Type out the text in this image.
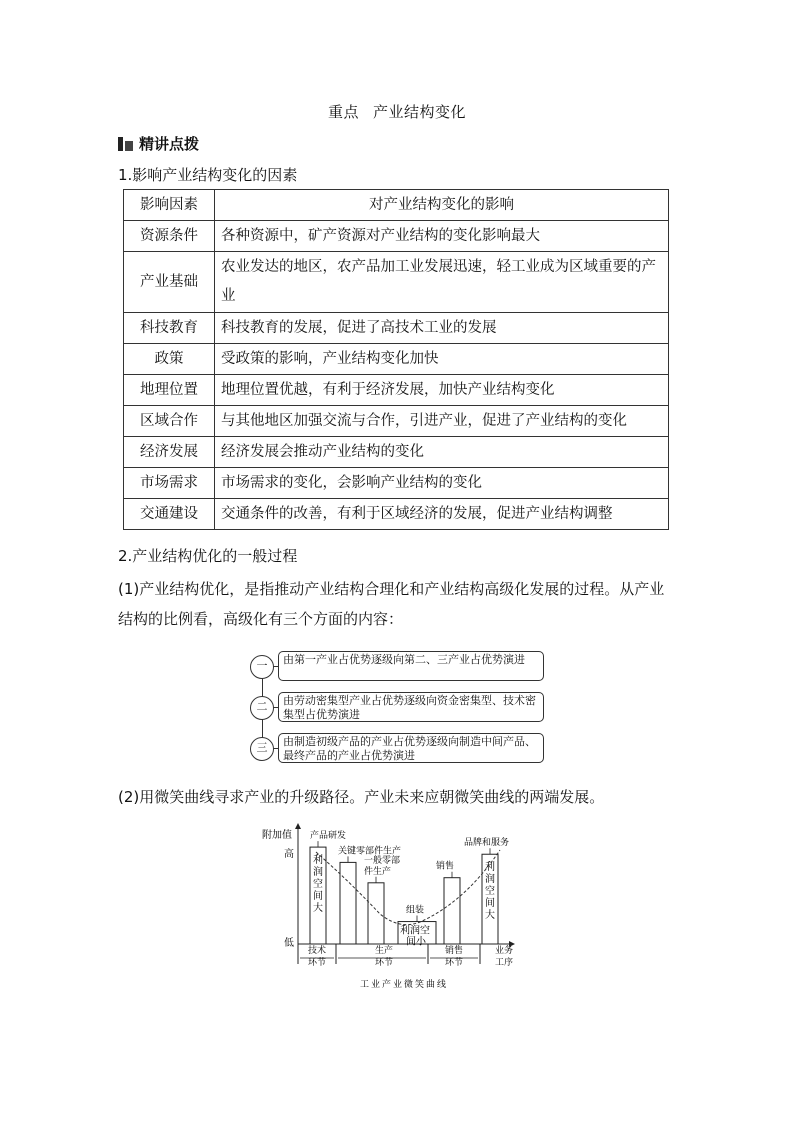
重点 产业结构变化
精讲点拨
1.影响产业结构变化的因素
影响因素	对产业结构变化的影响
资源条件	各种资源中，矿产资源对产业结构的变化影响最大
产业基础	农业发达的地区，农产品加工业发展迅速，轻工业成为区域重要的产业
科技教育	科技教育的发展，促进了高技术工业的发展
政策	受政策的影响，产业结构变化加快
地理位置	地理位置优越，有利于经济发展，加快产业结构变化
区域合作	与其他地区加强交流与合作，引进产业，促进了产业结构的变化
经济发展	经济发展会推动产业结构的变化
市场需求	市场需求的变化，会影响产业结构的变化
交通建设	交通条件的改善，有利于区域经济的发展，促进产业结构调整
2.产业结构优化的一般过程
(1)产业结构优化，是指推动产业结构合理化和产业结构高级化发展的过程。从产业结构的比例看，高级化有三个方面的内容：
一	由第一产业占优势逐级向第二、三产业占优势演进
二	由劳动密集型产业占优势逐级向资金密集型、技术密集型占优势演进
三	由制造初级产品的产业占优势逐级向制造中间产品、最终产品的产业占优势演进
(2)用微笑曲线寻求产业的升级路径。产业未来应朝微笑曲线的两端发展。
附加值
高
低
产品研发
利
润
空
间
大
关键零部件生产
一般零部
件生产
组装
利润空
间小
销售
品牌和服务
利
润
空
间
大
技术
环节
生产
环节
销售
环节
业务
工序
工业产业微笑曲线
